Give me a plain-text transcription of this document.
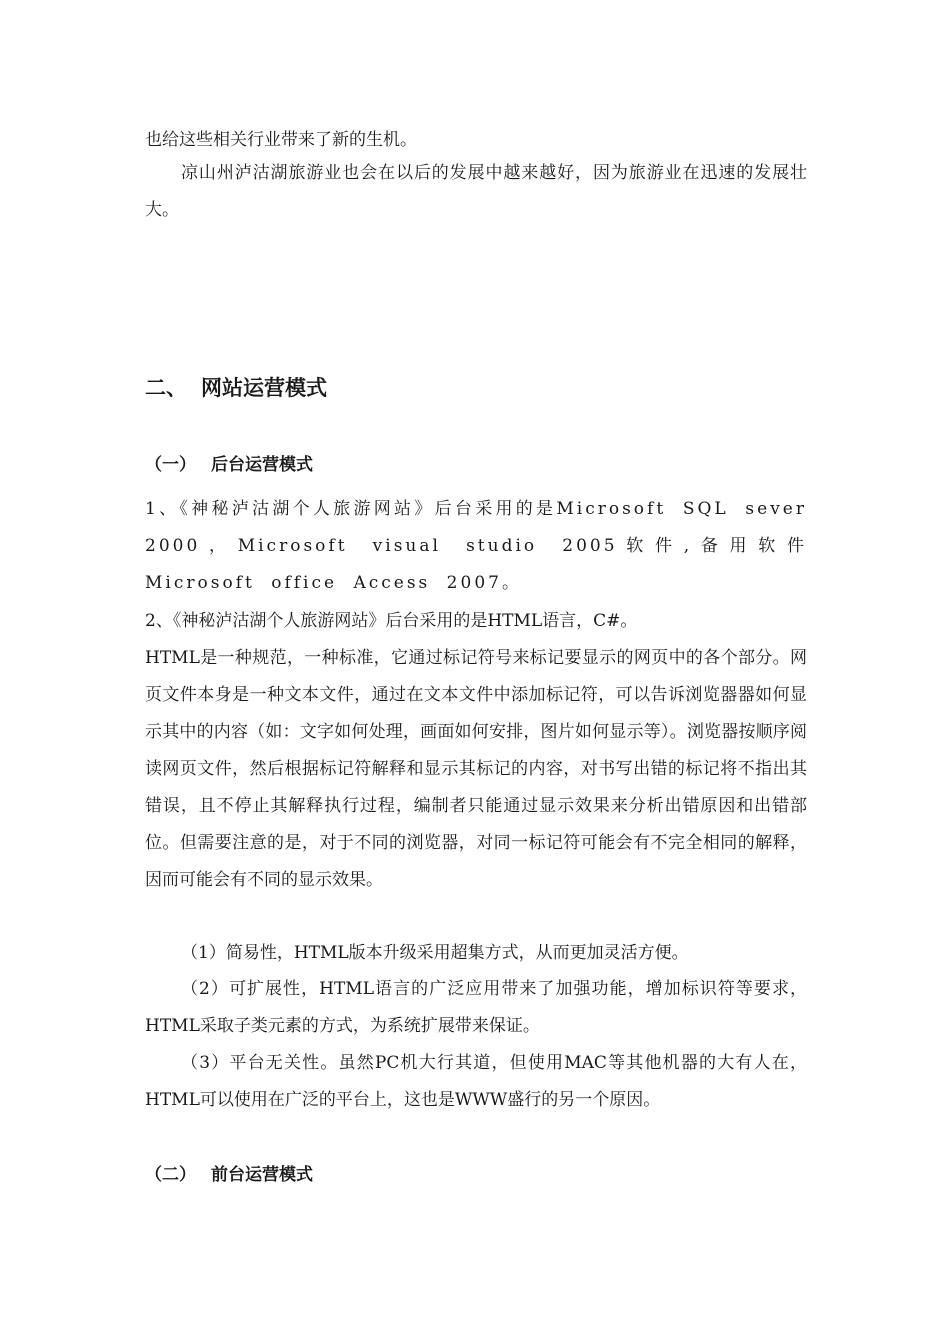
也给这些相关行业带来了新的生机。

凉山州泸沽湖旅游业也会在以后的发展中越来越好，因为旅游业在迅速的发展壮大。

二、 网站运营模式
（一） 后台运营模式

1、《神秘泸沽湖个人旅游网站》后台采用的是Microsoft SQL sever 2000，Microsoft visual studio 2005软件,备用软件Microsoft office Access 2007。

2、《神秘泸沽湖个人旅游网站》后台采用的是HTML语言，C#。

HTML是一种规范，一种标准，它通过标记符号来标记要显示的网页中的各个部分。网页文件本身是一种文本文件，通过在文本文件中添加标记符，可以告诉浏览器器如何显示其中的内容（如：文字如何处理，画面如何安排，图片如何显示等）。浏览器按顺序阅读网页文件，然后根据标记符解释和显示其标记的内容，对书写出错的标记将不指出其错误，且不停止其解释执行过程，编制者只能通过显示效果来分析出错原因和出错部位。但需要注意的是，对于不同的浏览器，对同一标记符可能会有不完全相同的解释，因而可能会有不同的显示效果。

（1）简易性，HTML版本升级采用超集方式，从而更加灵活方便。

（2）可扩展性，HTML语言的广泛应用带来了加强功能，增加标识符等要求，HTML采取子类元素的方式，为系统扩展带来保证。

（3）平台无关性。虽然PC机大行其道，但使用MAC等其他机器的大有人在，HTML可以使用在广泛的平台上，这也是WWW盛行的另一个原因。

（二） 前台运营模式
